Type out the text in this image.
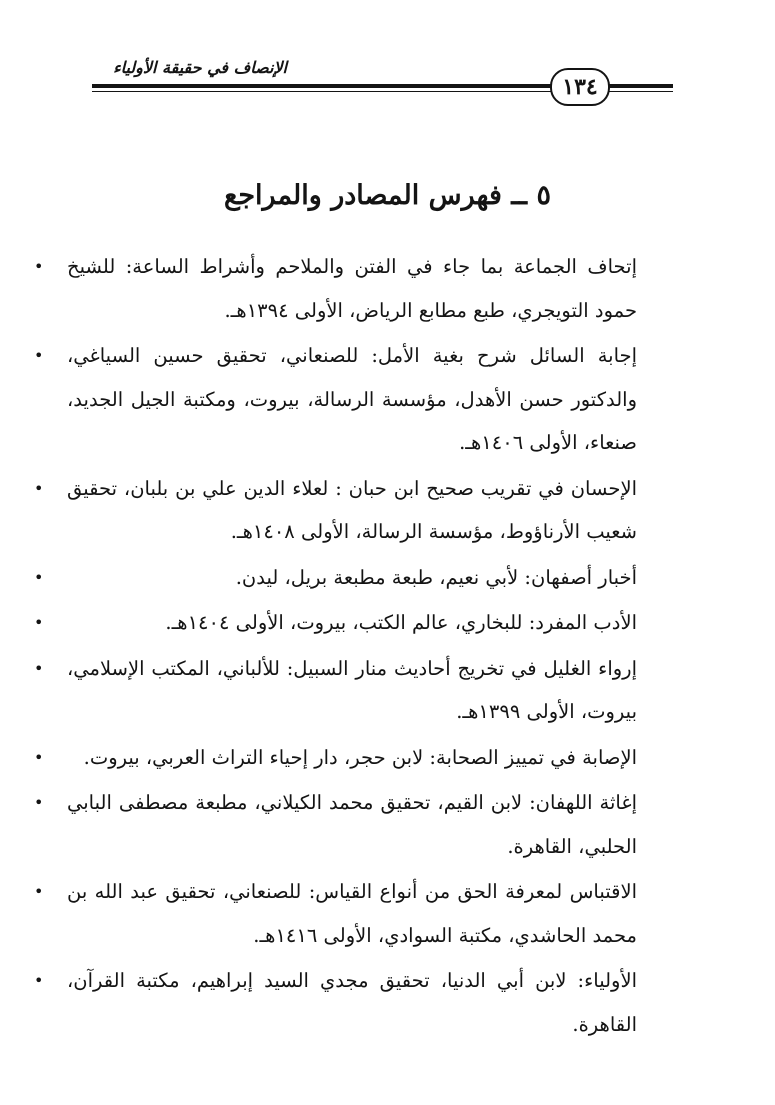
الإنصاف في حقيقة الأولياء
١٣٤
٥ ــ فهرس المصادر والمراجع
• إتحاف الجماعة بما جاء في الفتن والملاحم وأشراط الساعة: للشيخ حمود التويجري، طبع مطابع الرياض، الأولى ١٣٩٤هـ.
• إجابة السائل شرح بغية الأمل: للصنعاني، تحقيق حسين السياغي، والدكتور حسن الأهدل، مؤسسة الرسالة، بيروت، ومكتبة الجيل الجديد، صنعاء، الأولى ١٤٠٦هـ.
• الإحسان في تقريب صحيح ابن حبان : لعلاء الدين علي بن بلبان، تحقيق شعيب الأرناؤوط، مؤسسة الرسالة، الأولى ١٤٠٨هـ.
•	أخبار أصفهان: لأبي نعيم، طبعة مطبعة بريل، ليدن.
•	الأدب المفرد: للبخاري، عالم الكتب، بيروت، الأولى ١٤٠٤هـ.
• إرواء الغليل في تخريج أحاديث منار السبيل: للألباني، المكتب الإسلامي، بيروت، الأولى ١٣٩٩هـ.
• الإصابة في تمييز الصحابة: لابن حجر، دار إحياء التراث العربي، بيروت.
• إغاثة اللهفان: لابن القيم، تحقيق محمد الكيلاني، مطبعة مصطفى البابي الحلبي، القاهرة.
• الاقتباس لمعرفة الحق من أنواع القياس: للصنعاني، تحقيق عبد الله بن محمد الحاشدي، مكتبة السوادي، الأولى ١٤١٦هـ.
• الأولياء: لابن أبي الدنيا، تحقيق مجدي السيد إبراهيم، مكتبة القرآن، القاهرة.
